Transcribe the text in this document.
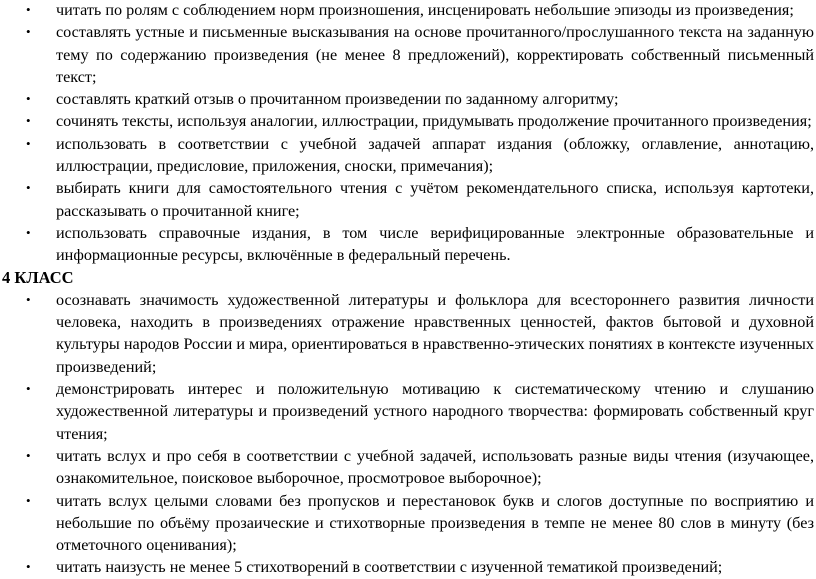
•	читать по ролям с соблюдением норм произношения, инсценировать небольшие эпизоды из произведения;
•	составлять устные и письменные высказывания на основе прочитанного/прослушанного текста на заданную тему по содержанию произведения (не менее 8 предложений), корректировать собственный письменный текст;
•	составлять краткий отзыв о прочитанном произведении по заданному алгоритму;
•	сочинять тексты, используя аналогии, иллюстрации, придумывать продолжение прочитанного произведения;
•	использовать в соответствии с учебной задачей аппарат издания (обложку, оглавление, аннотацию, иллюстрации, предисловие, приложения, сноски, примечания);
•	выбирать книги для самостоятельного чтения с учётом рекомендательного списка, используя картотеки, рассказывать о прочитанной книге;
•	использовать справочные издания, в том числе верифицированные электронные образовательные и информационные ресурсы, включённые в федеральный перечень.
4 КЛАСС
•	осознавать значимость художественной литературы и фольклора для всестороннего развития личности человека, находить в произведениях отражение нравственных ценностей, фактов бытовой и духовной культуры народов России и мира, ориентироваться в нравственно-этических понятиях в контексте изученных произведений;
•	демонстрировать интерес и положительную мотивацию к систематическому чтению и слушанию художественной литературы и произведений устного народного творчества: формировать собственный круг чтения;
•	читать вслух и про себя в соответствии с учебной задачей, использовать разные виды чтения (изучающее, ознакомительное, поисковое выборочное, просмотровое выборочное);
•	читать вслух целыми словами без пропусков и перестановок букв и слогов доступные по восприятию и небольшие по объёму прозаические и стихотворные произведения в темпе не менее 80 слов в минуту (без отметочного оценивания);
•	читать наизусть не менее 5 стихотворений в соответствии с изученной тематикой произведений;
